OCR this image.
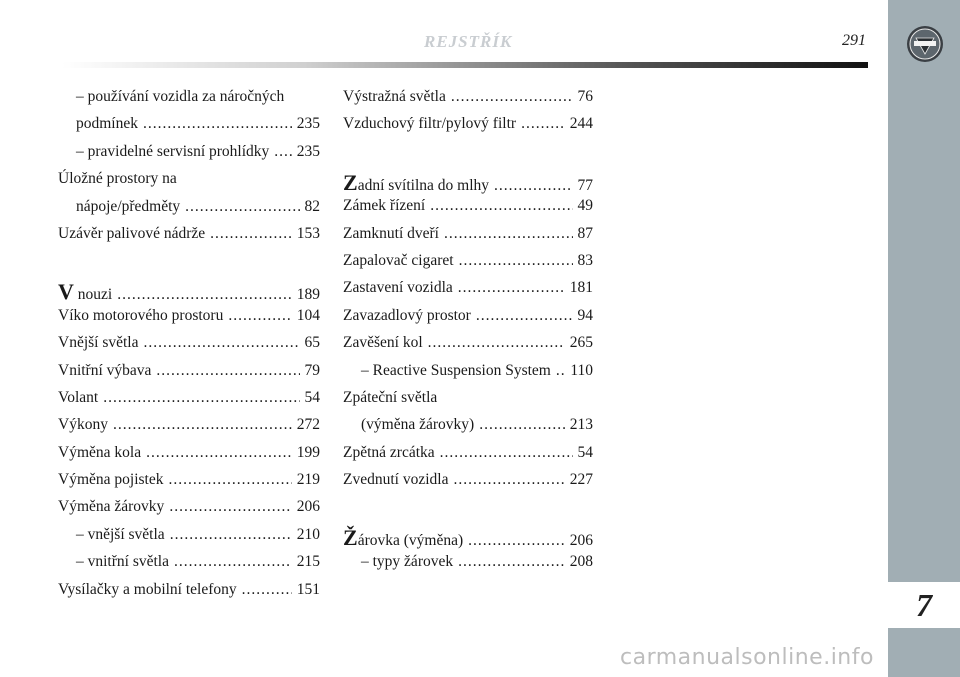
REJSTŘÍK	291
7
– používání vozidla za náročných
podmínek .....	235
– pravidelné servisní prohlídky ..... 235
Úložné prostory na
nápoje/předměty .....	82
Uzávěr palivové nádrže .....	153
V nouzi .....	189
Víko motorového prostoru .....	104
Vnější světla .....	65
Vnitřní výbava .....	79
Volant .....	54
Výkony .....	272
Výměna kola .....	199
Výměna pojistek .....	219
Výměna žárovky .....	206
– vnější světla .....	210
– vnitřní světla .....	215
Vysílačky a mobilní telefony .....	151
Výstražná světla .....	76
Vzduchový filtr/pylový filtr .....	244
Zadní svítilna do mlhy .....	77
Zámek řízení .....	49
Zamknutí dveří .....	87
Zapalovač cigaret .....	83
Zastavení vozidla .....	181
Zavazadlový prostor .....	94
Zavěšení kol .....	265
– Reactive Suspension System ..... 110
Zpáteční světla
(výměna žárovky) .....	213
Zpětná zrcátka .....	54
Zvednutí vozidla .....	227
Žárovka (výměna) .....	206
– typy žárovek .....	208
carmanualsonline.info
